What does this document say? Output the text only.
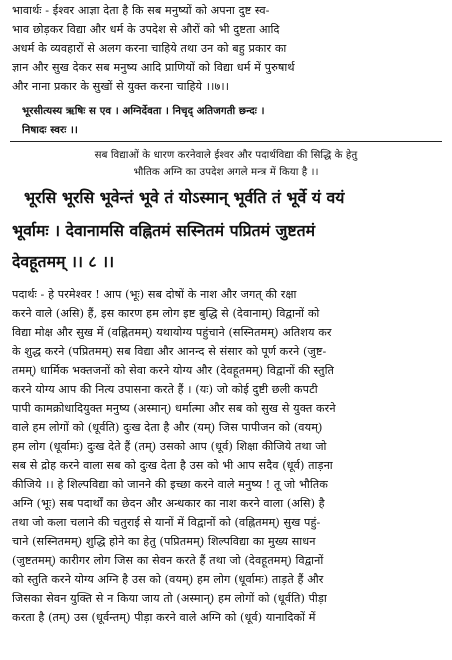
भावार्थः - ईश्वर आज्ञा देता है कि सब मनुष्यों को अपना दुष्ट स्व-
भाव छोड़कर विद्या और धर्म के उपदेश से औरों को भी दुष्टता आदि
अधर्म के व्यवहारों से अलग करना चाहिये तथा उन को बहु प्रकार का
ज्ञान और सुख देकर सब मनुष्य आदि प्राणियों को विद्या धर्म में पुरुषार्थ
और नाना प्रकार के सुखों से युक्त करना चाहिये ।।७।।
भूरसीत्यस्य ऋषिः स एव । अग्निर्देवता । निचृद् अतिजगती छन्दः ।
निषादः स्वरः ।।
सब विद्याओं के धारण करनेवाले ईश्वर और पदार्थविद्या की सिद्धि के हेतु
भौतिक अग्नि का उपदेश अगले मन्त्र में किया है ।।
भूरसि भूरसि भूवेन्तं भूवे तं योऽस्मान् भूर्वति तं भूर्वे यं वयं
भूर्वामः । देवानामसि वह्नितमं सस्नितमं पप्रितमं जुष्टतमं
देवहूतमम् ।। ८ ।।
पदार्थः - हे परमेश्वर ! आप (भूः) सब दोषों के नाश और जगत् की रक्षा
करने वाले (असि) हैं, इस कारण हम लोग इष्ट बुद्धि से (देवानाम्) विद्वानों को
विद्या मोक्ष और सुख में (वह्नितमम्) यथायोग्य पहुंचाने (सस्नितमम्) अतिशय कर
के शुद्ध करने (पप्रितमम्) सब विद्या और आनन्द से संसार को पूर्ण करने (जुष्ट-
तमम्) धार्मिक भक्तजनों को सेवा करने योग्य और (देवहूतमम्) विद्वानों की स्तुति
करने योग्य आप की नित्य उपासना करते हैं । (यः) जो कोई दुष्टी छली कपटी
पापी कामक्रोधादियुक्त मनुष्य (अस्मान्) धर्मात्मा और सब को सुख से युक्त करने
वाले हम लोगों को (धूर्वति) दुःख देता है और (यम्) जिस पापीजन को (वयम्)
हम लोग (धूर्वामः) दुःख देते हैं (तम्) उसको आप (धूर्व) शिक्षा कीजिये तथा जो
सब से द्रोह करने वाला सब को दुःख देता है उस को भी आप सदैव (धूर्व) ताड़ना
कीजिये ।। हे शिल्पविद्या को जानने की इच्छा करने वाले मनुष्य ! तू जो भौतिक
अग्नि (भूः) सब पदार्थों का छेदन और अन्धकार का नाश करने वाला (असि) है
तथा जो कला चलाने की चतुराई से यानों में विद्वानों को (वह्नितमम्) सुख पहुं-
चाने (सस्नितमम्) शुद्धि होने का हेतु (पप्रितमम्) शिल्पविद्या का मुख्य साधन
(जुष्टतमम्) कारीगर लोग जिस का सेवन करते हैं तथा जो (देवहूतमम्) विद्वानों
को स्तुति करने योग्य अग्नि है उस को (वयम्) हम लोग (धूर्वामः) ताड़ते हैं और
जिसका सेवन युक्ति से न किया जाय तो (अस्मान्) हम लोगों को (धूर्वति) पीड़ा
करता है (तम्) उस (धूर्वन्तम्) पीड़ा करने वाले अग्नि को (धूर्व) यानादिकों में
